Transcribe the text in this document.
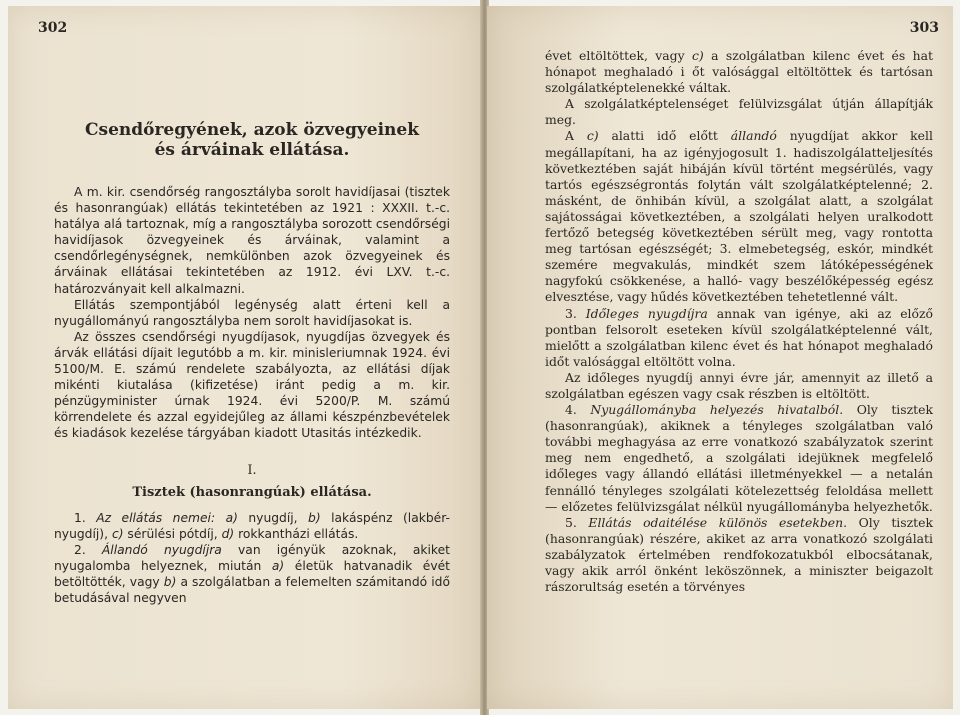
302
Csendőregyének, azok özvegyeinek
és árváinak ellátása.

A m. kir. csendőrség rangosztályba sorolt havidíjasai (tisztek és hasonrangúak) ellátás tekintetében az 1921 : XXXII. t.-c. hatálya alá tartoznak, míg a rangosztályba sorozott csendőrségi havidíjasok özvegyeinek és árváinak, valamint a csendőrlegénységnek, nemkülönben azok özvegyeinek és árváinak ellátásai tekintetében az 1912. évi LXV. t.-c. határozványait kell alkalmazni.

Ellátás szempontjából legénység alatt érteni kell a nyugállományú rangosztályba nem sorolt havidíjasokat is.

Az összes csendőrségi nyugdíjasok, nyugdíjas özvegyek és árvák ellátási díjait legutóbb a m. kir. minisleriumnak 1924. évi 5100/M. E. számú rendelete szabályozta, az ellátási díjak mikénti kiutalása (kifizetése) iránt pedig a m. kir. pénzügyminister úrnak 1924. évi 5200/P. M. számú körrendelete és azzal egyidejűleg az állami készpénzbevételek és kiadások kezelése tárgyában kiadott Utasitás intézkedik.

I.
Tisztek (hasonrangúak) ellátása.

1. Az ellátás nemei: a) nyugdíj, b) lakáspénz (lakbér-nyugdíj), c) sérülési pótdíj, d) rokkantházi ellátás.

2. Állandó nyugdíjra van igényük azoknak, akiket nyugalomba helyeznek, miután a) életük hatvanadik évét betöltötték, vagy b) a szolgálatban a felemelten számitandó idő betudásával negyven

303

évet eltöltöttek, vagy c) a szolgálatban kilenc évet és hat hónapot meghaladó i őt valósággal eltöltöttek és tartósan szolgálatképtelenekké váltak.

A szolgálatképtelenséget felülvizsgálat útján állapítják meg.

A c) alatti idő előtt állandó nyugdíjat akkor kell megállapítani, ha az igényjogosult 1. hadiszolgálatteljesítés következtében saját hibáján kívül történt megsérülés, vagy tartós egészségrontás folytán vált szolgálatképtelenné; 2. másként, de önhibán kívül, a szolgálat alatt, a szolgálat sajátosságai következtében, a szolgálati helyen uralkodott fertőző betegség következtében sérült meg, vagy rontotta meg tartósan egészségét; 3. elmebetegség, eskór, mindkét szemére megvakulás, mindkét szem látóképességének nagyfokú csökkenése, a halló- vagy beszélőképesség egész elvesztése, vagy hűdés következtében tehetetlenné vált.

3. Időleges nyugdíjra annak van igénye, aki az előző pontban felsorolt eseteken kívül szolgálatképtelenné vált, mielőtt a szolgálatban kilenc évet és hat hónapot meghaladó időt valósággal eltöltött volna.

Az időleges nyugdíj annyi évre jár, amennyit az illető a szolgálatban egészen vagy csak részben is eltöltött.

4. Nyugállományba helyezés hivatalból. Oly tisztek (hasonrangúak), akiknek a tényleges szolgálatban való további meghagyása az erre vonatkozó szabályzatok szerint meg nem engedhető, a szolgálati idejüknek megfelelő időleges vagy állandó ellátási illetményekkel — a netalán fennálló tényleges szolgálati kötelezettség feloldása mellett — előzetes felülvizsgálat nélkül nyugállományba helyezhetők.

5. Ellátás odaitélése különös esetekben. Oly tisztek (hasonrangúak) részére, akiket az arra vonatkozó szolgálati szabályzatok értelmében rendfokozatukból elbocsátanak, vagy akik arról önként leköszönnek, a miniszter beigazolt rászorultság esetén a törvényes
